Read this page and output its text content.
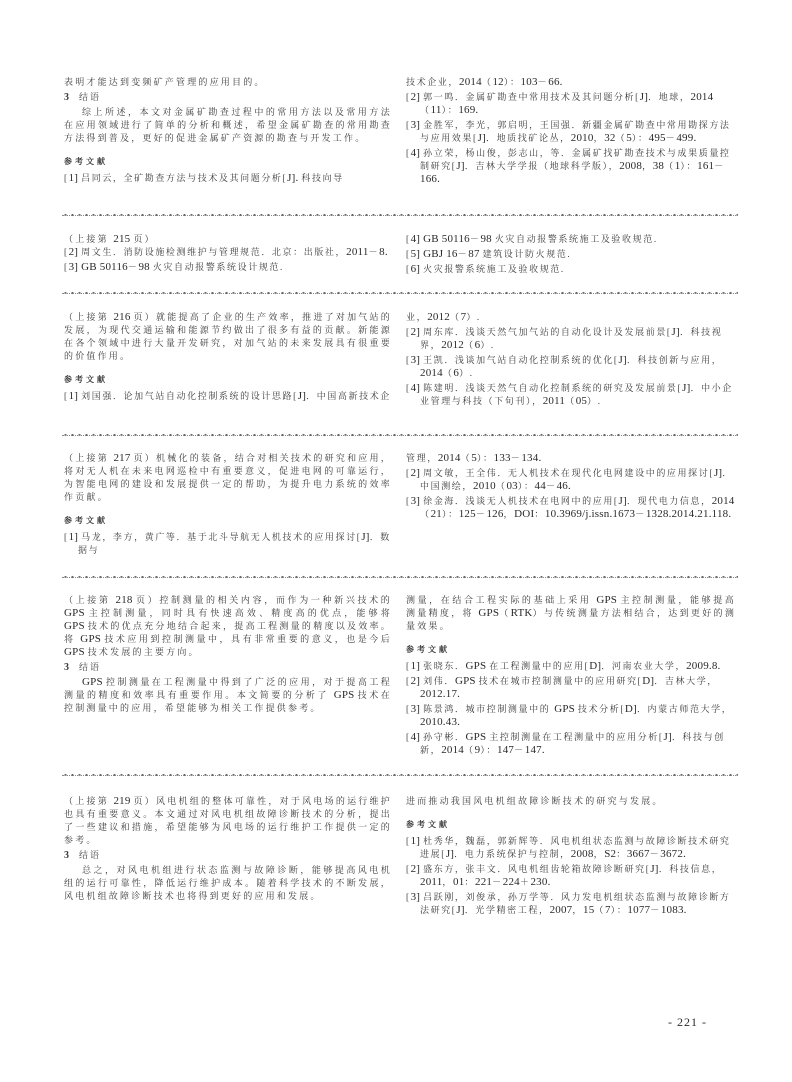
表明才能达到变频矿产管理的应用目的。

3 结语

综上所述，本文对金属矿勘查过程中的常用方法以及常用方法在应用领域进行了简单的分析和概述，希望金属矿勘查的常用勘查方法得到普及，更好的促进金属矿产资源的勘查与开发工作。

参考文献

[1] 吕同云，全矿勘查方法与技术及其问题分析[J]. 科技向导

技术企业，2014（12）：103－66.

[2] 郭一鸣．金属矿勘查中常用技术及其问题分析[J]．地球，2014（11）：169.

[3] 金胜军，李光，郭启明，王国强．新疆金属矿勘查中常用勘探方法与应用效果[J]．地质找矿论丛，2010，32（5）：495－499.

[4] 孙立荣，杨山俊，彭志山，等．金属矿找矿勘查技术与成果质量控制研究[J]．吉林大学学报（地球科学版），2008，38（1）：161－166.

（上接第 215 页）

[2] 周文生．消防设施检测维护与管理规范．北京：出版社，2011－8.

[3] GB 50116－98 火灾自动报警系统设计规范.

[4] GB 50116－98 火灾自动报警系统施工及验收规范.

[5] GBJ 16－87 建筑设计防火规范.

[6] 火灾报警系统施工及验收规范.

（上接第 216 页）就能提高了企业的生产效率，推进了对加气站的发展，为现代交通运输和能源节约做出了很多有益的贡献。新能源在各个领域中进行大量开发研究，对加气站的未来发展具有很重要的价值作用。

参考文献

[1] 刘国强．论加气站自动化控制系统的设计思路[J]．中国高新技术企

业，2012（7）.

[2] 周东库．浅谈天然气加气站的自动化设计及发展前景[J]．科技视界，2012（6）.

[3] 王凯．浅谈加气站自动化控制系统的优化[J]．科技创新与应用，2014（6）.

[4] 陈建明．浅谈天然气自动化控制系统的研究及发展前景[J]．中小企业管理与科技（下旬刊），2011（05）.

（上接第 217 页）机械化的装备，结合对相关技术的研究和应用，将对无人机在未来电网巡检中有重要意义，促进电网的可靠运行，为智能电网的建设和发展提供一定的帮助，为提升电力系统的效率作贡献。

参考文献

[1] 马龙，李方，黄广等．基于北斗导航无人机技术的应用探讨[J]．数据与

管理，2014（5）：133－134.

[2] 周文敏，王全伟．无人机技术在现代化电网建设中的应用探讨[J]．中国测绘，2010（03）：44－46.

[3] 徐金海．浅谈无人机技术在电网中的应用[J]．现代电力信息，2014（21）：125－126，DOI：10.3969/j.issn.1673－1328.2014.21.118.

（上接第 218 页）控制测量的相关内容，而作为一种新兴技术的 GPS 主控制测量，同时具有快速高效、精度高的优点，能够将 GPS 技术的优点充分地结合起来，提高工程测量的精度以及效率。将 GPS 技术应用到控制测量中，具有非常重要的意义，也是今后 GPS 技术发展的主要方向。

3 结语

GPS 控制测量在工程测量中得到了广泛的应用，对于提高工程测量的精度和效率具有重要作用。本文简要的分析了 GPS 技术在控制测量中的应用，希望能够为相关工作提供参考。

测量，在结合工程实际的基础上采用 GPS 主控制测量，能够提高测量精度，将 GPS（RTK）与传统测量方法相结合，达到更好的测量效果。

参考文献

[1] 张晓东．GPS 在工程测量中的应用[D]．河南农业大学，2009.8.

[2] 刘伟．GPS 技术在城市控制测量中的应用研究[D]．吉林大学，2012.17.

[3] 陈景鸿．城市控制测量中的 GPS 技术分析[D]．内蒙古师范大学，2010.43.

[4] 孙守彬．GPS 主控制测量在工程测量中的应用分析[J]．科技与创新，2014（9）：147－147.

（上接第 219 页）风电机组的整体可靠性，对于风电场的运行维护也具有重要意义。本文通过对风电机组故障诊断技术的分析，提出了一些建议和措施，希望能够为风电场的运行维护工作提供一定的参考。

3 结语

总之，对风电机组进行状态监测与故障诊断，能够提高风电机组的运行可靠性，降低运行维护成本。随着科学技术的不断发展，风电机组故障诊断技术也将得到更好的应用和发展。

进而推动我国风电机组故障诊断技术的研究与发展。

参考文献

[1] 杜秀华，魏磊，郭新辉等．风电机组状态监测与故障诊断技术研究进展[J]．电力系统保护与控制，2008，S2：3667－3672.

[2] 盛东方，张丰文．风电机组齿轮箱故障诊断研究[J]．科技信息，2011，01：221－224＋230.

[3] 吕跃刚，刘俊承，孙万学等．风力发电机组状态监测与故障诊断方法研究[J]．光学精密工程，2007，15（7）：1077－1083.

- 221 -
